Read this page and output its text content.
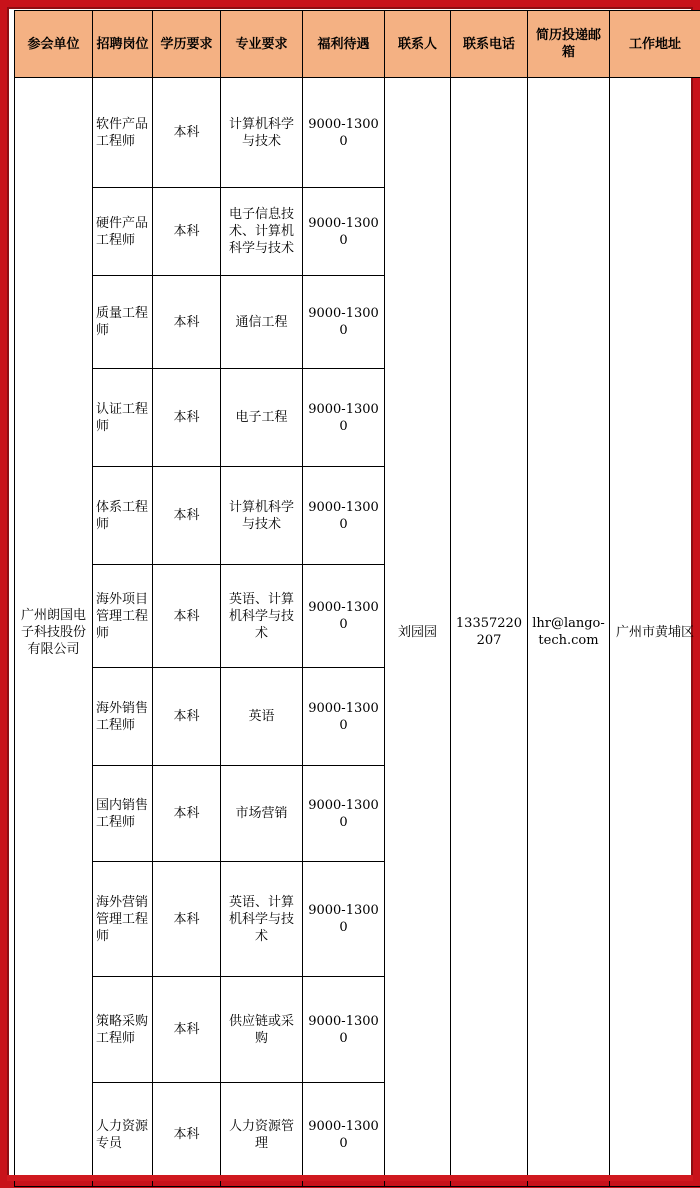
参会单位	招聘岗位	学历要求	专业要求	福利待遇	联系人	联系电话	简历投递邮箱	工作地址
广州朗国电子科技股份有限公司	软件产品工程师	本科	计算机科学与技术	9000-13000	刘园园	13357220207	lhr@lango-tech.com	广州市黄埔区
	硬件产品工程师	本科	电子信息技术、计算机科学与技术	9000-13000				
	质量工程师	本科	通信工程	9000-13000				
	认证工程师	本科	电子工程	9000-13000				
	体系工程师	本科	计算机科学与技术	9000-13000				
	海外项目管理工程师	本科	英语、计算机科学与技术	9000-13000				
	海外销售工程师	本科	英语	9000-13000				
	国内销售工程师	本科	市场营销	9000-13000				
	海外营销管理工程师	本科	英语、计算机科学与技术	9000-13000				
	策略采购工程师	本科	供应链或采购	9000-13000				
	人力资源专员	本科	人力资源管理	9000-13000				
